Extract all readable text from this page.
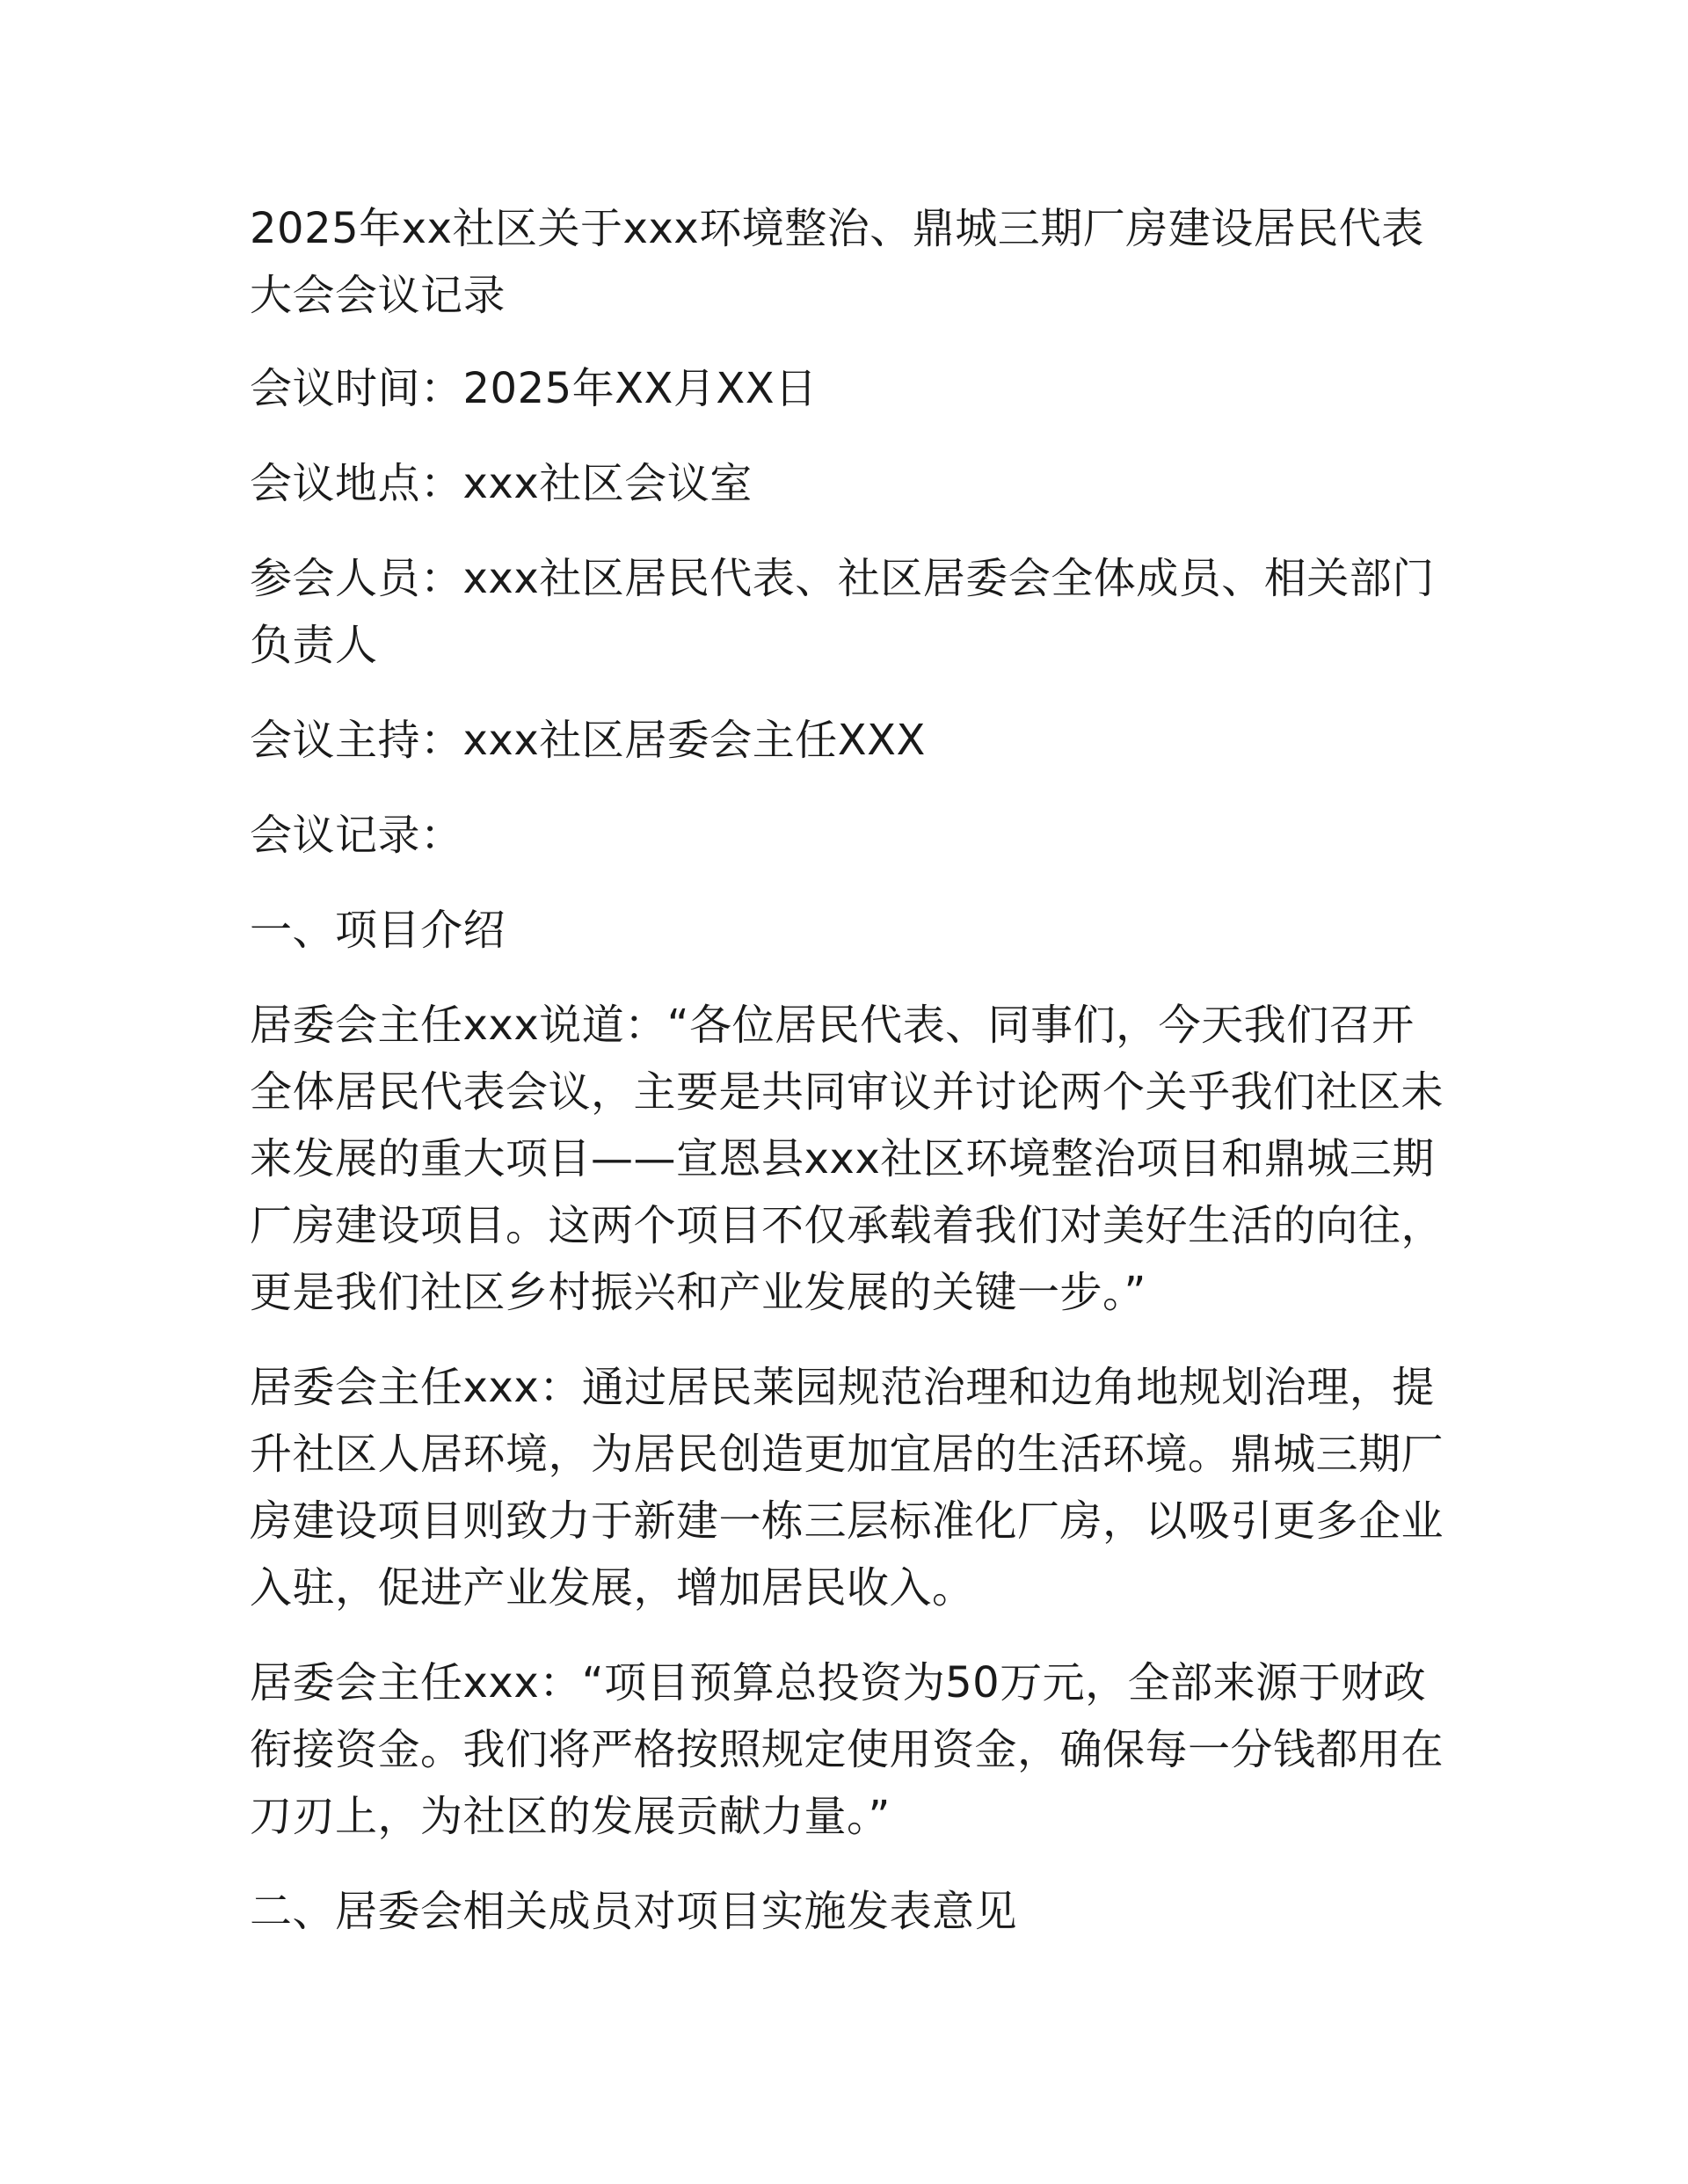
2025年xx社区关于xxx环境整治、鼎城三期厂房建设居民代表大会会议记录

会议时间：2025年XX月XX日

会议地点：xxx社区会议室

参会人员：xxx社区居民代表、社区居委会全体成员、相关部门负责人

会议主持：xxx社区居委会主任XXX

会议记录：

一、项目介绍

居委会主任xxx说道：“各位居民代表、同事们，今天我们召开全体居民代表会议，主要是共同审议并讨论两个关乎我们社区未来发展的重大项目——宣恩县xxx社区环境整治项目和鼎城三期厂房建设项目。这两个项目不仅承载着我们对美好生活的向往，更是我们社区乡村振兴和产业发展的关键一步。”

居委会主任xxx：通过居民莱园规范治理和边角地规划治理，提升社区人居环境，为居民创造更加宜居的生活环境。鼎城三期厂房建设项目则致力于新建一栋三层标准化厂房，以吸引更多企业入驻，促进产业发展，增加居民收入。

居委会主任xxx：“项目预算总投资为50万元，全部来源于财政衔接资金。我们将严格按照规定使用资金，确保每一分钱都用在刀刃上，为社区的发展贡献力量。”

二、居委会相关成员对项目实施发表意见
